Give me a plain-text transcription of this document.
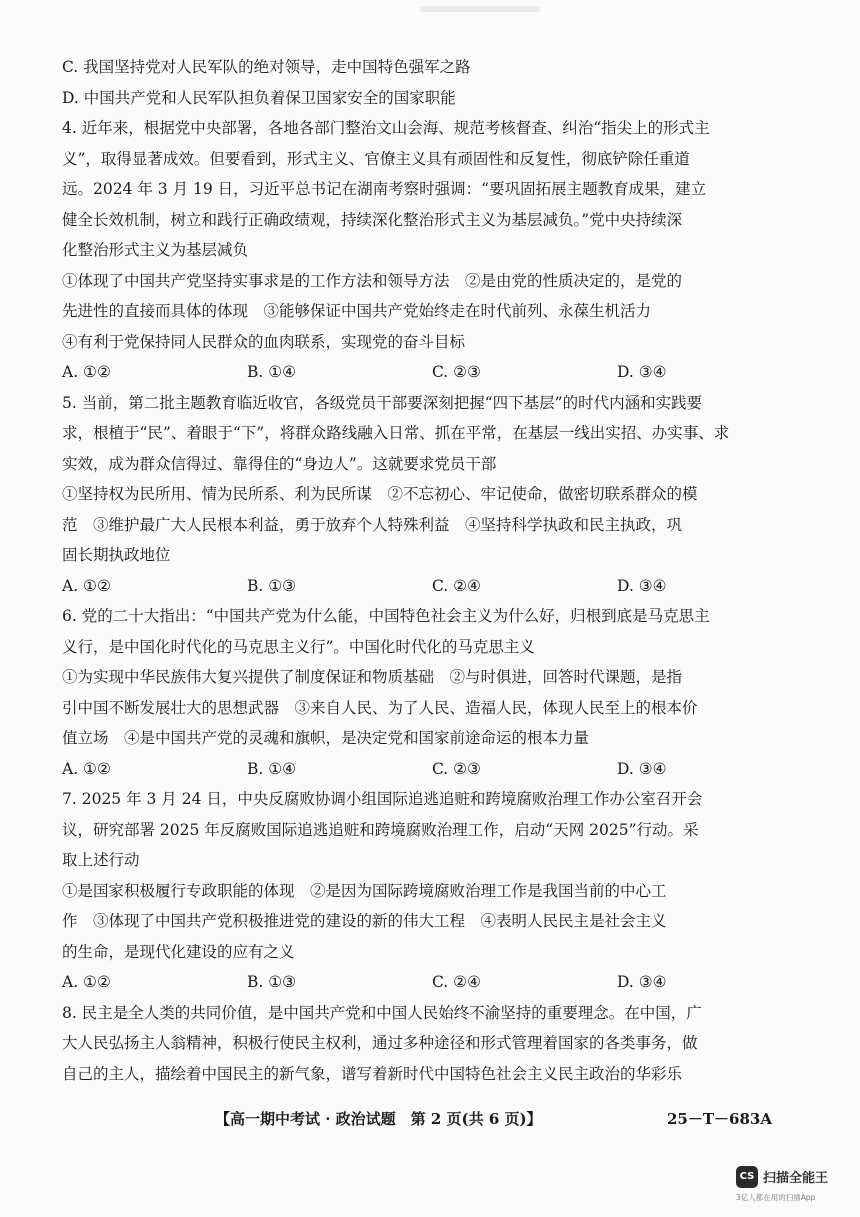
C. 我国坚持党对人民军队的绝对领导，走中国特色强军之路
D. 中国共产党和人民军队担负着保卫国家安全的国家职能
4. 近年来，根据党中央部署，各地各部门整治文山会海、规范考核督查、纠治“指尖上的形式主
义”，取得显著成效。但要看到，形式主义、官僚主义具有顽固性和反复性，彻底铲除任重道
远。2024 年 3 月 19 日，习近平总书记在湖南考察时强调：“要巩固拓展主题教育成果，建立
健全长效机制，树立和践行正确政绩观，持续深化整治形式主义为基层减负。”党中央持续深
化整治形式主义为基层减负
①体现了中国共产党坚持实事求是的工作方法和领导方法　②是由党的性质决定的，是党的
先进性的直接而具体的体现　③能够保证中国共产党始终走在时代前列、永葆生机活力
④有利于党保持同人民群众的血肉联系，实现党的奋斗目标
A. ①②	B. ①④	C. ②③	D. ③④
5. 当前，第二批主题教育临近收官，各级党员干部要深刻把握“四下基层”的时代内涵和实践要
求，根植于“民”、着眼于“下”，将群众路线融入日常、抓在平常，在基层一线出实招、办实事、求
实效，成为群众信得过、靠得住的“身边人”。这就要求党员干部
①坚持权为民所用、情为民所系、利为民所谋　②不忘初心、牢记使命，做密切联系群众的模
范　③维护最广大人民根本利益，勇于放弃个人特殊利益　④坚持科学执政和民主执政，巩
固长期执政地位
A. ①②	B. ①③	C. ②④	D. ③④
6. 党的二十大指出：“中国共产党为什么能，中国特色社会主义为什么好，归根到底是马克思主
义行，是中国化时代化的马克思主义行”。中国化时代化的马克思主义
①为实现中华民族伟大复兴提供了制度保证和物质基础　②与时俱进，回答时代课题，是指
引中国不断发展壮大的思想武器　③来自人民、为了人民、造福人民，体现人民至上的根本价
值立场　④是中国共产党的灵魂和旗帜，是决定党和国家前途命运的根本力量
A. ①②	B. ①④	C. ②③	D. ③④
7. 2025 年 3 月 24 日，中央反腐败协调小组国际追逃追赃和跨境腐败治理工作办公室召开会
议，研究部署 2025 年反腐败国际追逃追赃和跨境腐败治理工作，启动“天网 2025”行动。采
取上述行动
①是国家积极履行专政职能的体现　②是因为国际跨境腐败治理工作是我国当前的中心工
作　③体现了中国共产党积极推进党的建设的新的伟大工程　④表明人民民主是社会主义
的生命，是现代化建设的应有之义
A. ①②	B. ①③	C. ②④	D. ③④
8. 民主是全人类的共同价值，是中国共产党和中国人民始终不渝坚持的重要理念。在中国，广
大人民弘扬主人翁精神，积极行使民主权利，通过多种途径和形式管理着国家的各类事务，做
自己的主人，描绘着中国民主的新气象，谱写着新时代中国特色社会主义民主政治的华彩乐
【高一期中考试 · 政治试题　第 2 页(共 6 页)】	25－T－683A
CS 扫描全能王
3亿人都在用的扫描App
